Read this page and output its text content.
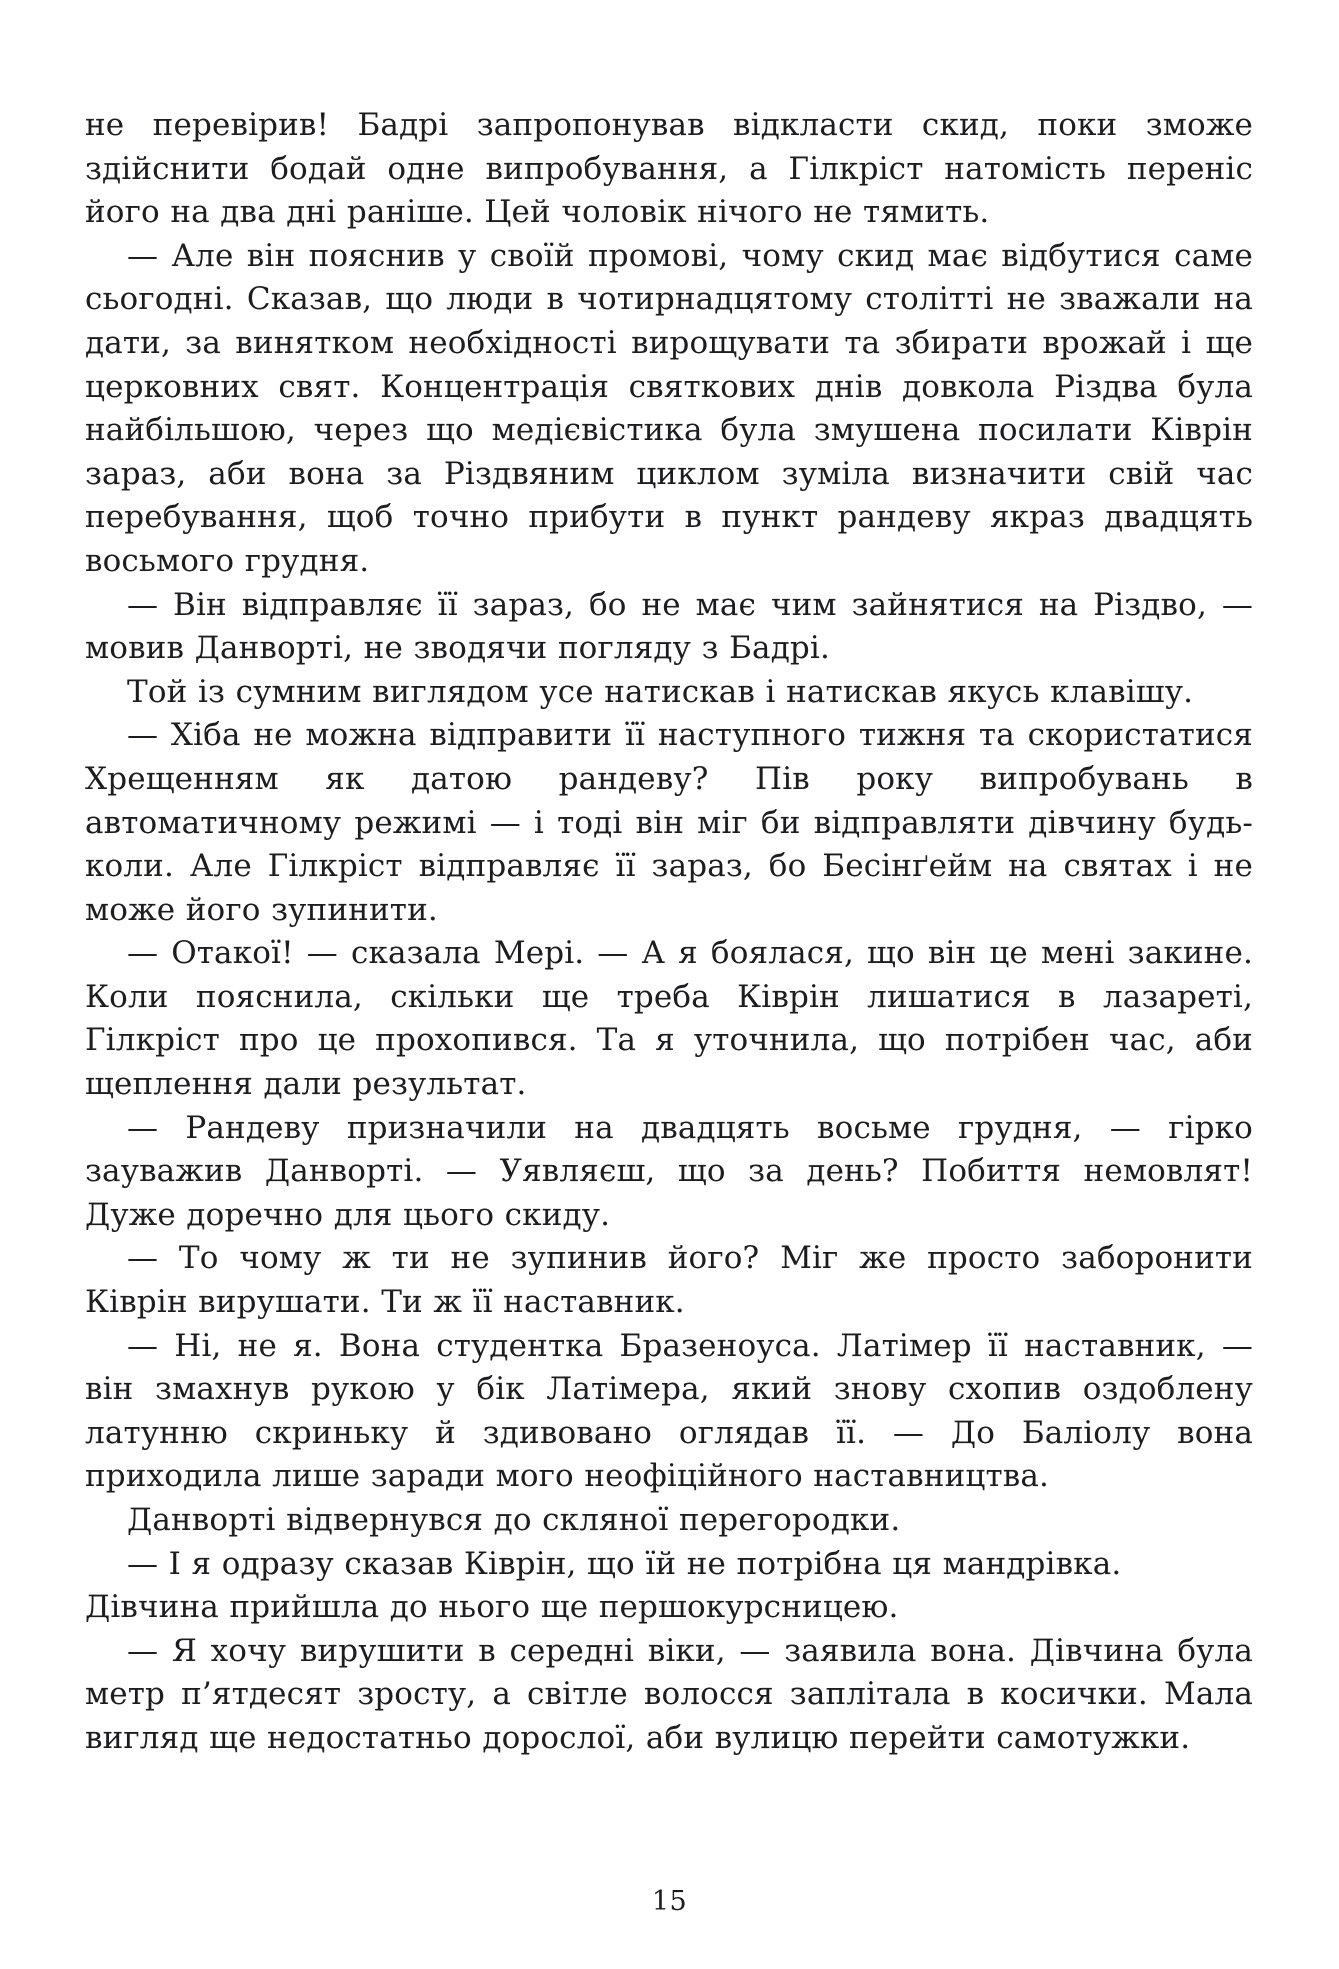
не перевірив! Бадрі запропонував відкласти скид, поки зможе здійснити бодай одне випробування, а Гілкріст натомість переніс його на два дні раніше. Цей чоловік нічого не тямить.

— Але він пояснив у своїй промові, чому скид має відбутися саме сьогодні. Сказав, що люди в чотирнадцятому столітті не зважали на дати, за винятком необхідності вирощувати та збирати врожай і ще церковних свят. Концентрація святкових днів довкола Різдва була найбільшою, через що медієвістика була змушена посилати Ківрін зараз, аби вона за Різдвяним циклом зуміла визначити свій час перебування, щоб точно прибути в пункт рандеву якраз двадцять восьмого грудня.

— Він відправляє її зараз, бо не має чим зайнятися на Різдво, — мовив Данворті, не зводячи погляду з Бадрі.

Той із сумним виглядом усе натискав і натискав якусь клавішу.

— Хіба не можна відправити її наступного тижня та скористатися Хрещенням як датою рандеву? Пів року випробувань в автоматичному режимі — і тоді він міг би відправляти дівчину будь-коли. Але Гілкріст відправляє її зараз, бо Бесінґейм на святах і не може його зупинити.

— Отакої! — сказала Мері. — А я боялася, що він це мені закине. Коли пояснила, скільки ще треба Ківрін лишатися в лазареті, Гілкріст про це прохопився. Та я уточнила, що потрібен час, аби щеплення дали результат.

— Рандеву призначили на двадцять восьме грудня, — гірко зауважив Данворті. — Уявляєш, що за день? Побиття немовлят! Дуже доречно для цього скиду.

— То чому ж ти не зупинив його? Міг же просто заборонити Ківрін вирушати. Ти ж її наставник.

— Ні, не я. Вона студентка Бразеноуса. Латімер її наставник, — він змахнув рукою у бік Латімера, який знову схопив оздоблену латунню скриньку й здивовано оглядав її. — До Баліолу вона приходила лише заради мого неофіційного наставництва.

Данворті відвернувся до скляної перегородки.

— І я одразу сказав Ківрін, що їй не потрібна ця мандрівка.

Дівчина прийшла до нього ще першокурсницею.

— Я хочу вирушити в середні віки, — заявила вона. Дівчина була метр п’ятдесят зросту, а світле волосся заплітала в косички. Мала вигляд ще недостатньо дорослої, аби вулицю перейти самотужки.

15
